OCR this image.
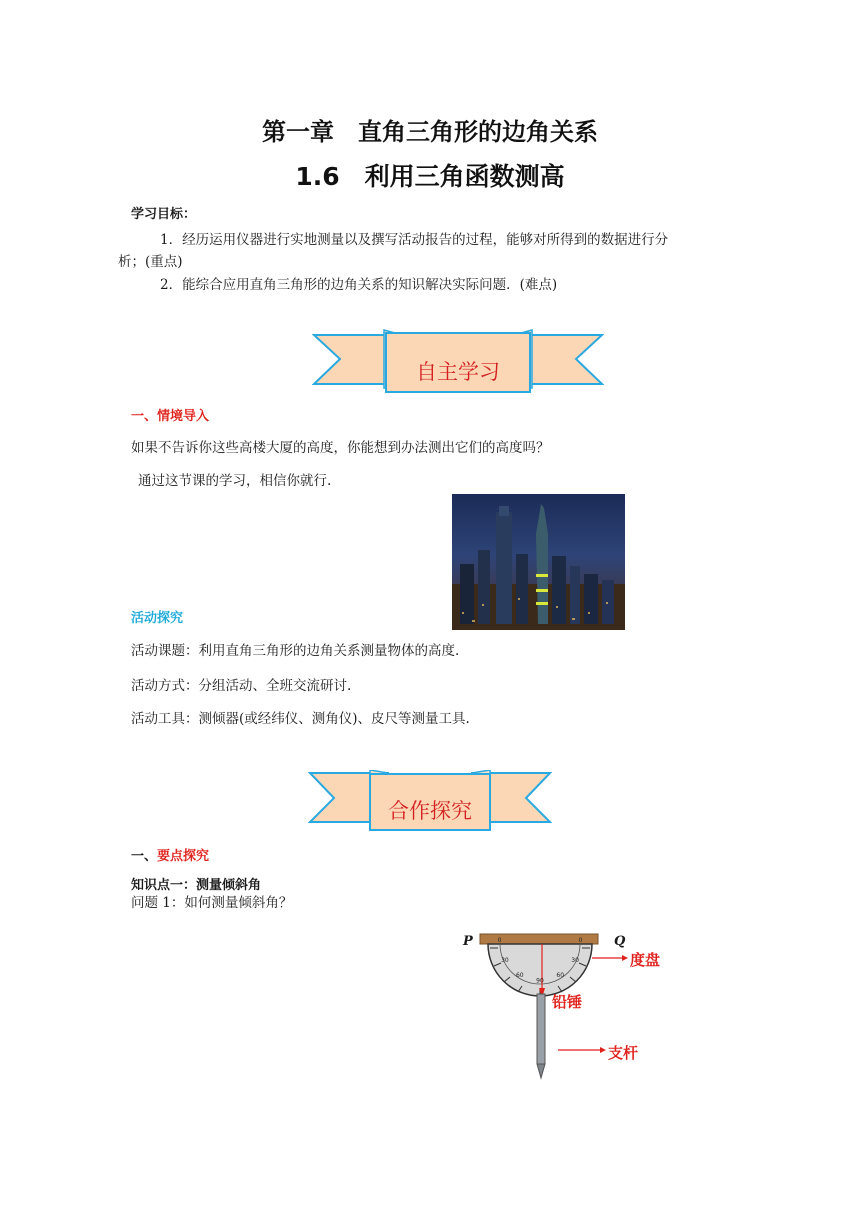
第一章　直角三角形的边角关系
1.6　利用三角函数测高
学习目标：
1．经历运用仪器进行实地测量以及撰写活动报告的过程，能够对所得到的数据进行分
析；(重点)
2．能综合应用直角三角形的边角关系的知识解决实际问题．(难点)
自主学习
一、情境导入
如果不告诉你这些高楼大厦的高度，你能想到办法测出它们的高度吗？
通过这节课的学习，相信你就行.
活动探究
活动课题：利用直角三角形的边角关系测量物体的高度.
活动方式：分组活动、全班交流研讨.
活动工具：测倾器(或经纬仪、测角仪)、皮尺等测量工具.
合作探究
一、要点探究
知识点一：测量倾斜角
问题 1：如何测量倾斜角？
0
30
60
90
60
30
0
P	Q
度盘
铅锤
支杆
